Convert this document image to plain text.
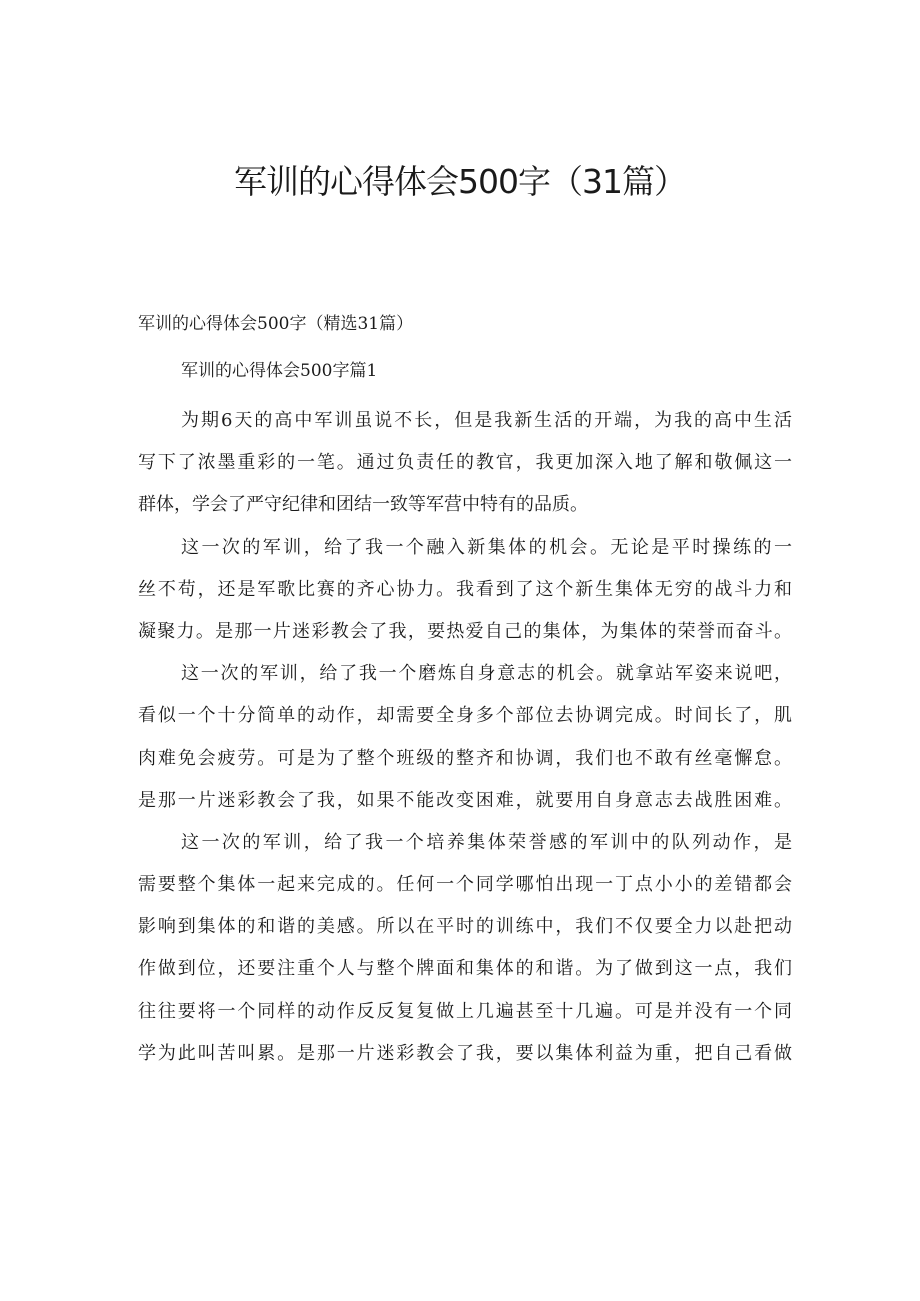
军训的心得体会500字（31篇）

军训的心得体会500字（精选31篇）

军训的心得体会500字篇1

为期6天的高中军训虽说不长，但是我新生活的开端，为我的高中生活
写下了浓墨重彩的一笔。通过负责任的教官，我更加深入地了解和敬佩这一
群体，学会了严守纪律和团结一致等军营中特有的品质。

这一次的军训，给了我一个融入新集体的机会。无论是平时操练的一
丝不苟，还是军歌比赛的齐心协力。我看到了这个新生集体无穷的战斗力和
凝聚力。是那一片迷彩教会了我，要热爱自己的集体，为集体的荣誉而奋斗。

这一次的军训，给了我一个磨炼自身意志的机会。就拿站军姿来说吧，
看似一个十分简单的动作，却需要全身多个部位去协调完成。时间长了，肌
肉难免会疲劳。可是为了整个班级的整齐和协调，我们也不敢有丝毫懈怠。
是那一片迷彩教会了我，如果不能改变困难，就要用自身意志去战胜困难。

这一次的军训，给了我一个培养集体荣誉感的军训中的队列动作，是
需要整个集体一起来完成的。任何一个同学哪怕出现一丁点小小的差错都会
影响到集体的和谐的美感。所以在平时的训练中，我们不仅要全力以赴把动
作做到位，还要注重个人与整个牌面和集体的和谐。为了做到这一点，我们
往往要将一个同样的动作反反复复做上几遍甚至十几遍。可是并没有一个同
学为此叫苦叫累。是那一片迷彩教会了我，要以集体利益为重，把自己看做
